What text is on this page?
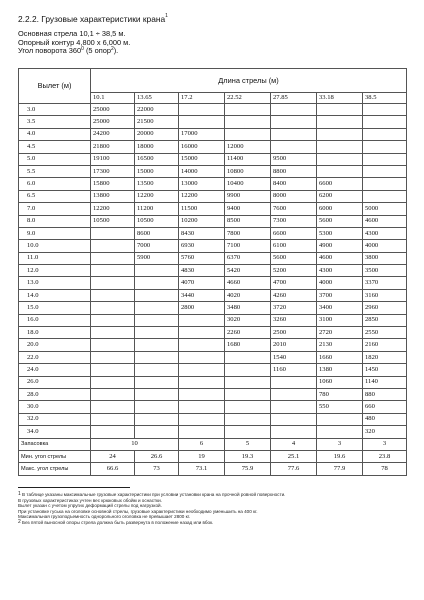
2.2.2. Грузовые характеристики крана$^1$
Основная стрела 10,1 ÷ 38,5 м.
Опорный контур 4,800 x 6,000 м.
Угол поворота $360^0$ (5 опор$^2$).
Вылет (м)	Длина стрелы (м)						
	10.1	13.65	17.2	22.52	27.85	33.18	38.5
3.0	25000	22000					
3.5	25000	21500					
4.0	24200	20000	17000				
4.5	21800	18000	16000	12000			
5.0	19100	16500	15000	11400	9500		
5.5	17300	15000	14000	10800	8800		
6.0	15800	13500	13000	10400	8400	6600	
6.5	13800	12200	12200	9900	8000	6200	
7.0	12200	11200	11500	9400	7600	6000	5000
8.0	10500	10500	10200	8500	7300	5600	4600
9.0		8600	8430	7800	6600	5300	4300
10.0		7000	6930	7100	6100	4900	4000
11.0		5900	5760	6370	5600	4600	3800
12.0			4830	5420	5200	4300	3500
13.0			4070	4660	4700	4000	3370
14.0			3440	4020	4260	3700	3160
15.0			2800	3480	3720	3400	2960
16.0				3020	3260	3100	2850
18.0				2260	2500	2720	2550
20.0				1680	2010	2130	2160
22.0					1540	1660	1820
24.0					1160	1380	1450
26.0						1060	1140
28.0						780	880
30.0						550	660
32.0							480
34.0							320
Запасовка	10		6	5	4	3	3
Мин. угол стрелы	24	26.6	19	19.3	25.1	19.6	23.8
Макс. угол стрелы	66.6	73	73.1	75.9	77.6	77.9	78
$^1$ В таблице указаны максимальные грузовые характеристики при условии установки крана на прочной ровной поверхности.
В грузовых характеристиках учтен вес крюковых обойм и оснастки.
Вылет указан с учетом упругих деформаций стрелы под нагрузкой.
При установке гуська на оголовке основной стрелы, грузовые характеристики необходимо уменьшить на 400 кг.
Максимальная грузоподъемность однорольного оголовка не превышает 2800 кг.
$^2$ Без пятой выносной опоры стрела должна быть развернута в положение назад или вбок.
